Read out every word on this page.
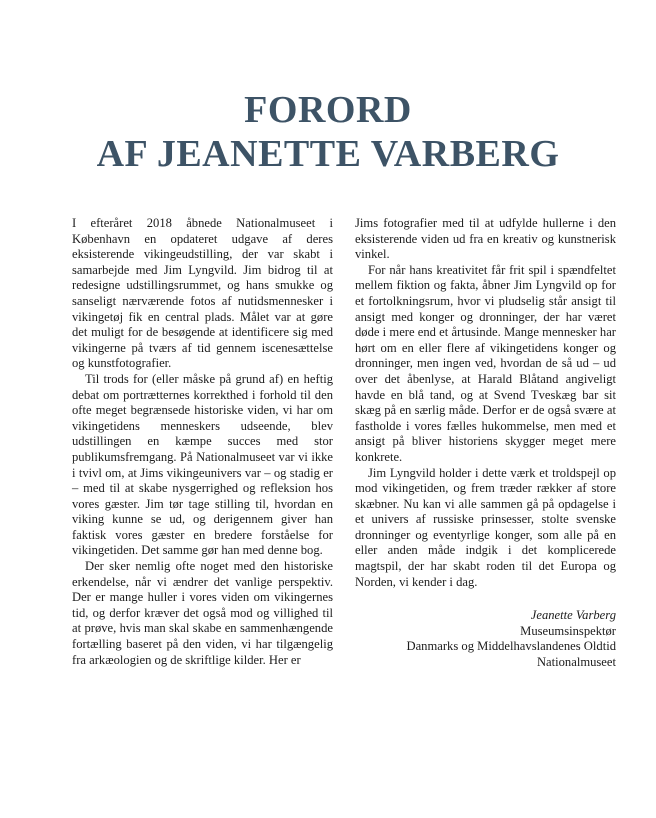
FORORD
AF JEANETTE VARBERG

I efteråret 2018 åbnede Nationalmuseet i København en opdateret udgave af deres eksisterende vikingeudstilling, der var skabt i samarbejde med Jim Lyngvild. Jim bidrog til at redesigne udstillingsrummet, og hans smukke og sanseligt nærværende fotos af nutidsmennesker i vikingetøj fik en central plads. Målet var at gøre det muligt for de besøgende at identificere sig med vikingerne på tværs af tid gennem iscenesættelse og kunstfotografier.

Til trods for (eller måske på grund af) en heftig debat om portrætternes korrekthed i forhold til den ofte meget begrænsede historiske viden, vi har om vikingetidens menneskers udseende, blev udstillingen en kæmpe succes med stor publikumsfremgang. På Nationalmuseet var vi ikke i tvivl om, at Jims vikingeunivers var – og stadig er – med til at skabe nysgerrighed og refleksion hos vores gæster. Jim tør tage stilling til, hvordan en viking kunne se ud, og derigennem giver han faktisk vores gæster en bredere forståelse for vikingetiden. Det samme gør han med denne bog.

Der sker nemlig ofte noget med den historiske erkendelse, når vi ændrer det vanlige perspektiv. Der er mange huller i vores viden om vikingernes tid, og derfor kræver det også mod og villighed til at prøve, hvis man skal skabe en sammenhængende fortælling baseret på den viden, vi har tilgængelig fra arkæologien og de skriftlige kilder. Her er

Jims fotografier med til at udfylde hullerne i den eksisterende viden ud fra en kreativ og kunstnerisk vinkel.

For når hans kreativitet får frit spil i spændfeltet mellem fiktion og fakta, åbner Jim Lyngvild op for et fortolkningsrum, hvor vi pludselig står ansigt til ansigt med konger og dronninger, der har været døde i mere end et årtusinde. Mange mennesker har hørt om en eller flere af vikingetidens konger og dronninger, men ingen ved, hvordan de så ud – ud over det åbenlyse, at Harald Blåtand angiveligt havde en blå tand, og at Svend Tveskæg bar sit skæg på en særlig måde. Derfor er de også svære at fastholde i vores fælles hukommelse, men med et ansigt på bliver historiens skygger meget mere konkrete.

Jim Lyngvild holder i dette værk et troldspejl op mod vikingetiden, og frem træder rækker af store skæbner. Nu kan vi alle sammen gå på opdagelse i et univers af russiske prinsesser, stolte svenske dronninger og eventyrlige konger, som alle på en eller anden måde indgik i det komplicerede magtspil, der har skabt roden til det Europa og Norden, vi kender i dag.

Jeanette Varberg
Museumsinspektør
Danmarks og Middelhavslandenes Oldtid
Nationalmuseet
